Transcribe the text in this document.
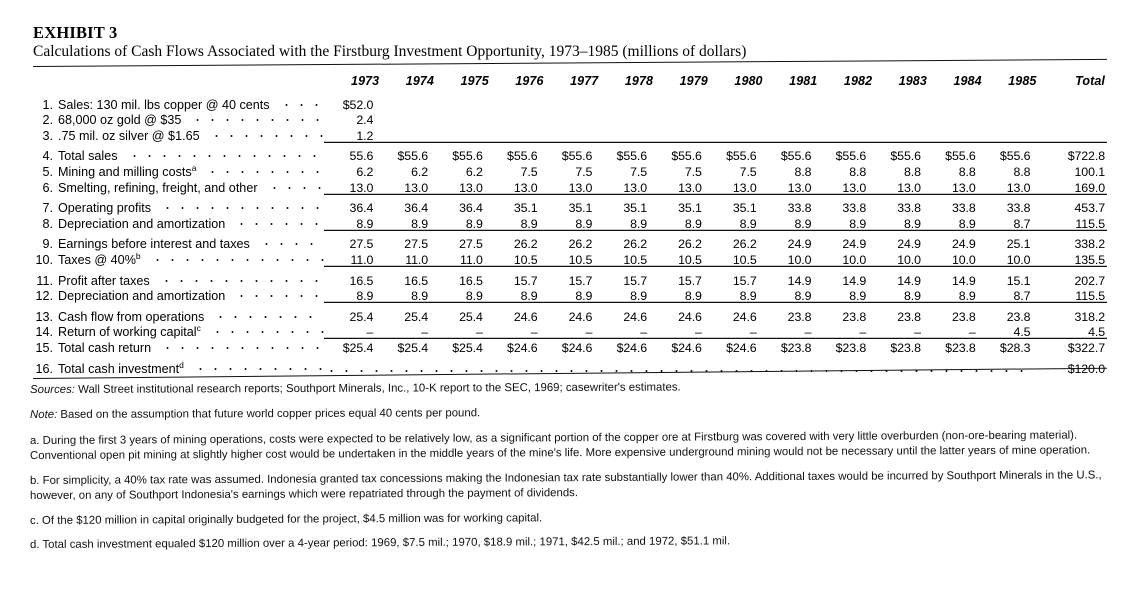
EXHIBIT 3
Calculations of Cash Flows Associated with the Firstburg Investment Opportunity, 1973–1985 (millions of dollars)
	1973	1974	1975	1976	1977	1978	1979	1980	1981	1982	1983	1984	1985	Total

1. Sales: 130 mil. lbs copper @ 40 cents	$52.0													

2. 68,000 oz gold @ $35	2.4													

3. .75 mil. oz silver @ $1.65	1.2													

4. Total sales	55.6	$55.6	$55.6	$55.6	$55.6	$55.6	$55.6	$55.6	$55.6	$55.6	$55.6	$55.6	$55.6	$722.8

5. Mining and milling costs$^a$	6.2	6.2	6.2	7.5	7.5	7.5	7.5	7.5	8.8	8.8	8.8	8.8	8.8	100.1

6. Smelting, refining, freight, and other	13.0	13.0	13.0	13.0	13.0	13.0	13.0	13.0	13.0	13.0	13.0	13.0	13.0	169.0

7. Operating profits	36.4	36.4	36.4	35.1	35.1	35.1	35.1	35.1	33.8	33.8	33.8	33.8	33.8	453.7

8. Depreciation and amortization	8.9	8.9	8.9	8.9	8.9	8.9	8.9	8.9	8.9	8.9	8.9	8.9	8.7	115.5

9. Earnings before interest and taxes	27.5	27.5	27.5	26.2	26.2	26.2	26.2	26.2	24.9	24.9	24.9	24.9	25.1	338.2

10. Taxes @ 40%$^b$	11.0	11.0	11.0	10.5	10.5	10.5	10.5	10.5	10.0	10.0	10.0	10.0	10.0	135.5

11. Profit after taxes	16.5	16.5	16.5	15.7	15.7	15.7	15.7	15.7	14.9	14.9	14.9	14.9	15.1	202.7

12. Depreciation and amortization	8.9	8.9	8.9	8.9	8.9	8.9	8.9	8.9	8.9	8.9	8.9	8.9	8.7	115.5

13. Cash flow from operations	25.4	25.4	25.4	24.6	24.6	24.6	24.6	24.6	23.8	23.8	23.8	23.8	23.8	318.2

14. Return of working capital$^c$	–	–	–	–	–	–	–	–	–	–	–	–	4.5	4.5

15. Total cash return	$25.4	$25.4	$25.4	$24.6	$24.6	$24.6	$24.6	$24.6	$23.8	$23.8	$23.8	$23.8	$28.3	$322.7

16. Total cash investment$^d$														$120.0
Sources: Wall Street institutional research reports; Southport Minerals, Inc., 10-K report to the SEC, 1969; casewriter's estimates.
Note: Based on the assumption that future world copper prices equal 40 cents per pound.
a. During the first 3 years of mining operations, costs were expected to be relatively low, as a significant portion of the copper ore at Firstburg was covered with very little overburden (non-ore-bearing material). Conventional open pit mining at slightly higher cost would be undertaken in the middle years of the mine's life. More expensive underground mining would not be necessary until the latter years of mine operation.
b. For simplicity, a 40% tax rate was assumed. Indonesia granted tax concessions making the Indonesian tax rate substantially lower than 40%. Additional taxes would be incurred by Southport Minerals in the U.S., however, on any of Southport Indonesia's earnings which were repatriated through the payment of dividends.
c. Of the $120 million in capital originally budgeted for the project, $4.5 million was for working capital.
d. Total cash investment equaled $120 million over a 4-year period: 1969, $7.5 mil.; 1970, $18.9 mil.; 1971, $42.5 mil.; and 1972, $51.1 mil.
